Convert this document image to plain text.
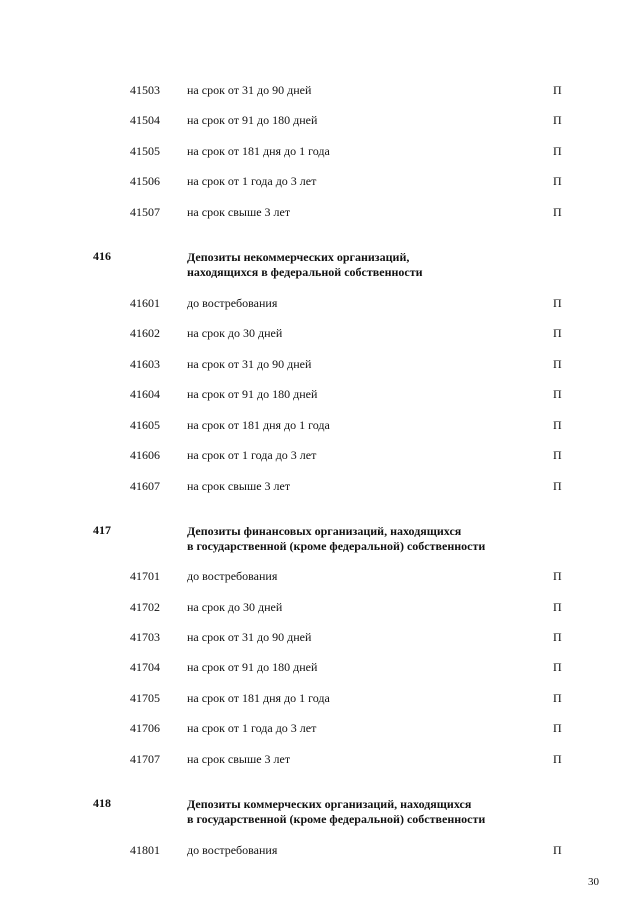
41503 на срок от 31 до 90 дней	П
41504 на срок от 91 до 180 дней	П
41505 на срок от 181 дня до 1 года	П
41506 на срок от 1 года до 3 лет	П
41507 на срок свыше 3 лет	П
416	Депозиты некоммерческих организаций,
находящихся в федеральной собственности
41601 до востребования	П
41602 на срок до 30 дней	П
41603 на срок от 31 до 90 дней	П
41604 на срок от 91 до 180 дней	П
41605 на срок от 181 дня до 1 года	П
41606 на срок от 1 года до 3 лет	П
41607 на срок свыше 3 лет	П
417	Депозиты финансовых организаций, находящихся
в государственной (кроме федеральной) собственности
41701 до востребования	П
41702 на срок до 30 дней	П
41703 на срок от 31 до 90 дней	П
41704 на срок от 91 до 180 дней	П
41705 на срок от 181 дня до 1 года	П
41706 на срок от 1 года до 3 лет	П
41707 на срок свыше 3 лет	П
418	Депозиты коммерческих организаций, находящихся
в государственной (кроме федеральной) собственности
41801 до востребования	П
30
